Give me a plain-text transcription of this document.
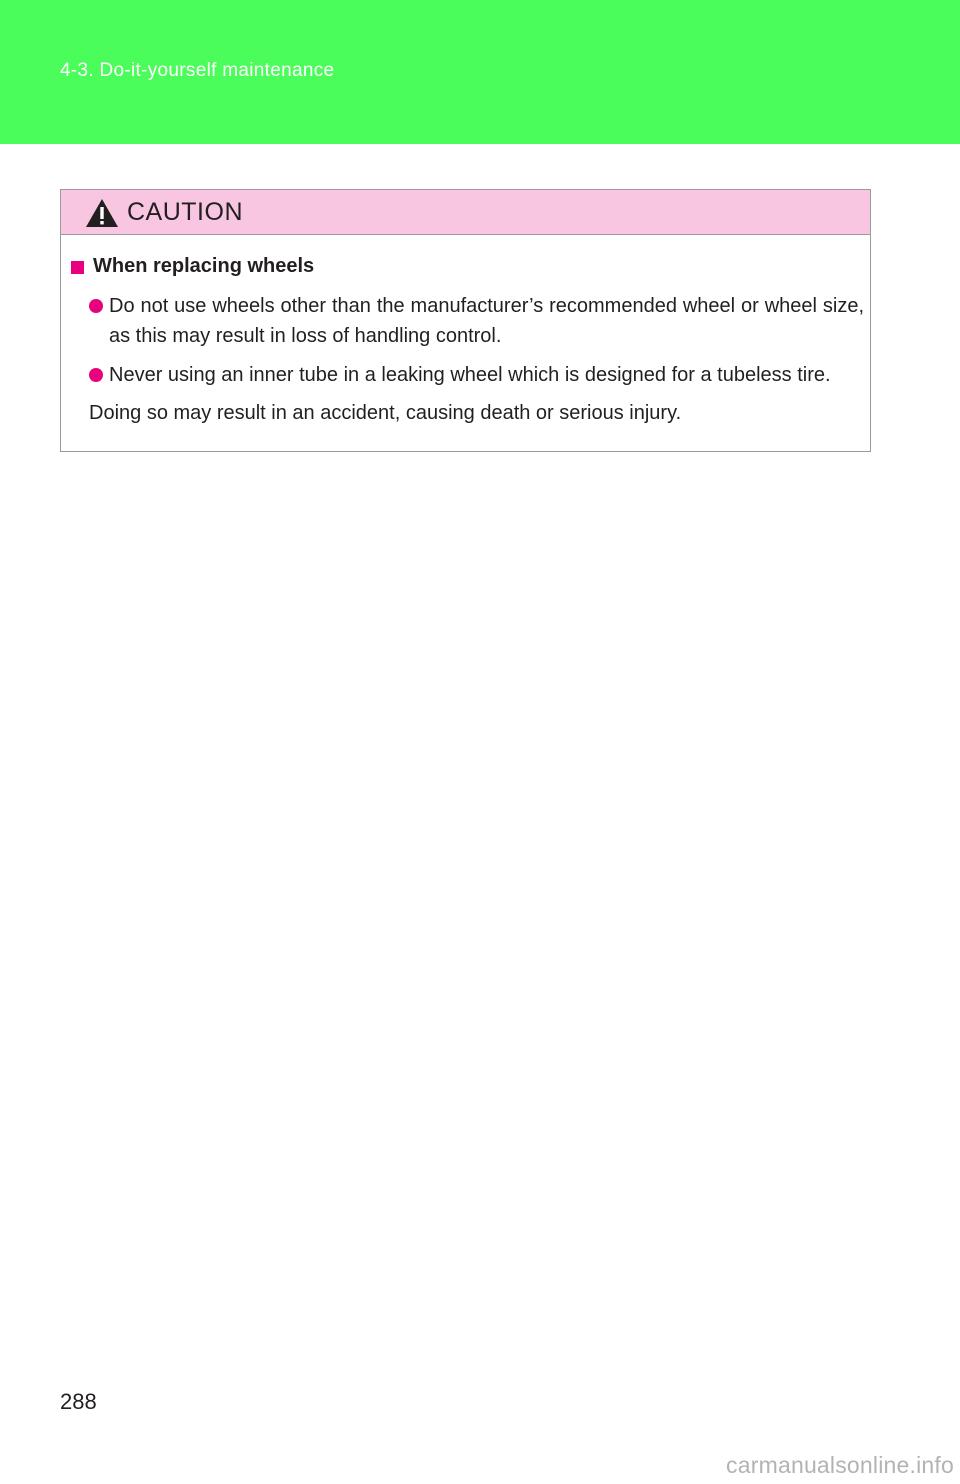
4-3. Do-it-yourself maintenance
CAUTION
When replacing wheels
Do not use wheels other than the manufacturer’s recommended wheel or wheel size, as this may result in loss of handling control.
Never using an inner tube in a leaking wheel which is designed for a tubeless tire.
Doing so may result in an accident, causing death or serious injury.
288
carmanualsonline.info
